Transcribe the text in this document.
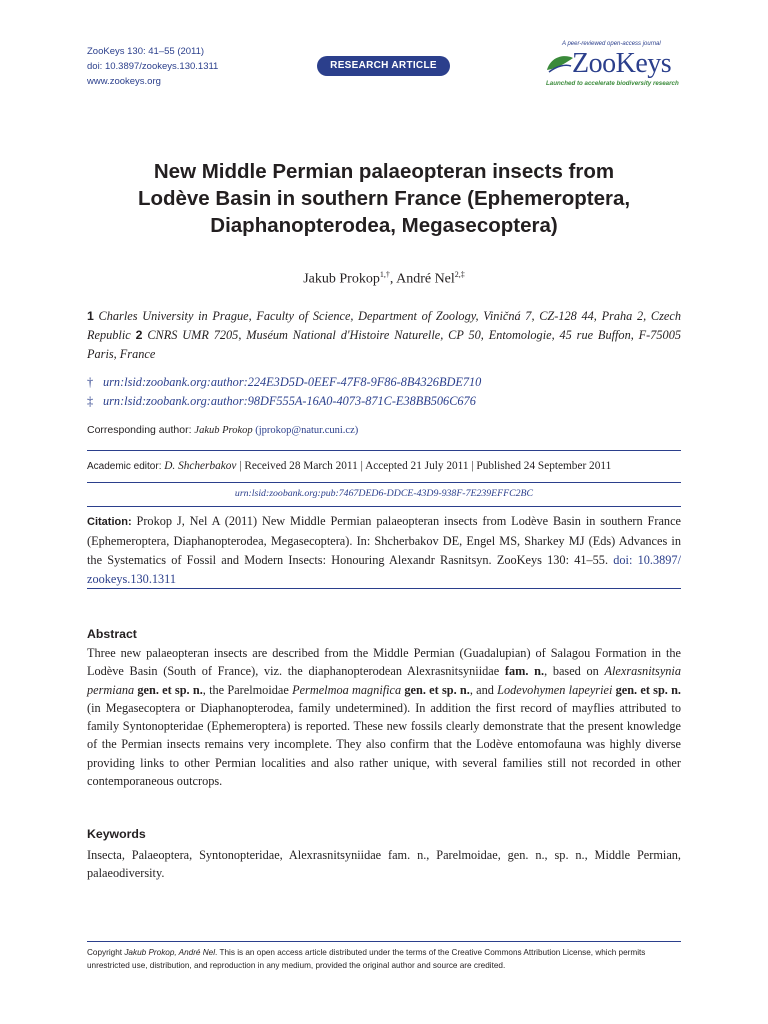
ZooKeys 130: 41–55 (2011)
doi: 10.3897/zookeys.130.1311
www.zookeys.org
RESEARCH ARTICLE
A peer-reviewed open-access journal
ZooKeys
Launched to accelerate biodiversity research
New Middle Permian palaeopteran insects from
Lodève Basin in southern France (Ephemeroptera,
Diaphanopterodea, Megasecoptera)
Jakub Prokop$^{1,\dagger}$, André Nel$^{2,\ddagger}$
1 Charles University in Prague, Faculty of Science, Department of Zoology, Viničná 7, CZ-128 44, Praha 2, Czech Republic 2 CNRS UMR 7205, Muséum National d'Histoire Naturelle, CP 50, Entomologie, 45 rue Buffon, F-75005 Paris, France
† urn:lsid:zoobank.org:author:224E3D5D-0EEF-47F8-9F86-8B4326BDE710
‡ urn:lsid:zoobank.org:author:98DF555A-16A0-4073-871C-E38BB506C676
Corresponding author: Jakub Prokop (jprokop@natur.cuni.cz)
Academic editor: D. Shcherbakov | Received 28 March 2011 | Accepted 21 July 2011 | Published 24 September 2011
urn:lsid:zoobank.org:pub:7467DED6-DDCE-43D9-938F-7E239EFFC2BC
Citation: Prokop J, Nel A (2011) New Middle Permian palaeopteran insects from Lodève Basin in southern France (Ephemeroptera, Diaphanopterodea, Megasecoptera). In: Shcherbakov DE, Engel MS, Sharkey MJ (Eds) Advances in the Systematics of Fossil and Modern Insects: Honouring Alexandr Rasnitsyn. ZooKeys 130: 41–55. doi: 10.3897/ zookeys.130.1311
Abstract
Three new palaeopteran insects are described from the Middle Permian (Guadalupian) of Salagou Formation in the Lodève Basin (South of France), viz. the diaphanopterodean Alexrasnitsyniidae fam. n., based on Alexrasnitsynia permiana gen. et sp. n., the Parelmoidae Permelmoa magnifica gen. et sp. n., and Lodevohymen lapeyriei gen. et sp. n. (in Megasecoptera or Diaphanopterodea, family undetermined). In addition the first record of mayflies attributed to family Syntonopteridae (Ephemeroptera) is reported. These new fossils clearly demonstrate that the present knowledge of the Permian insects remains very incomplete. They also confirm that the Lodève entomofauna was highly diverse providing links to other Permian localities and also rather unique, with several families still not recorded in other contemporaneous outcrops.
Keywords
Insecta, Palaeoptera, Syntonopteridae, Alexrasnitsyniidae fam. n., Parelmoidae, gen. n., sp. n., Middle Permian, palaeodiversity.
Copyright Jakub Prokop, André Nel. This is an open access article distributed under the terms of the Creative Commons Attribution License, which permits unrestricted use, distribution, and reproduction in any medium, provided the original author and source are credited.
